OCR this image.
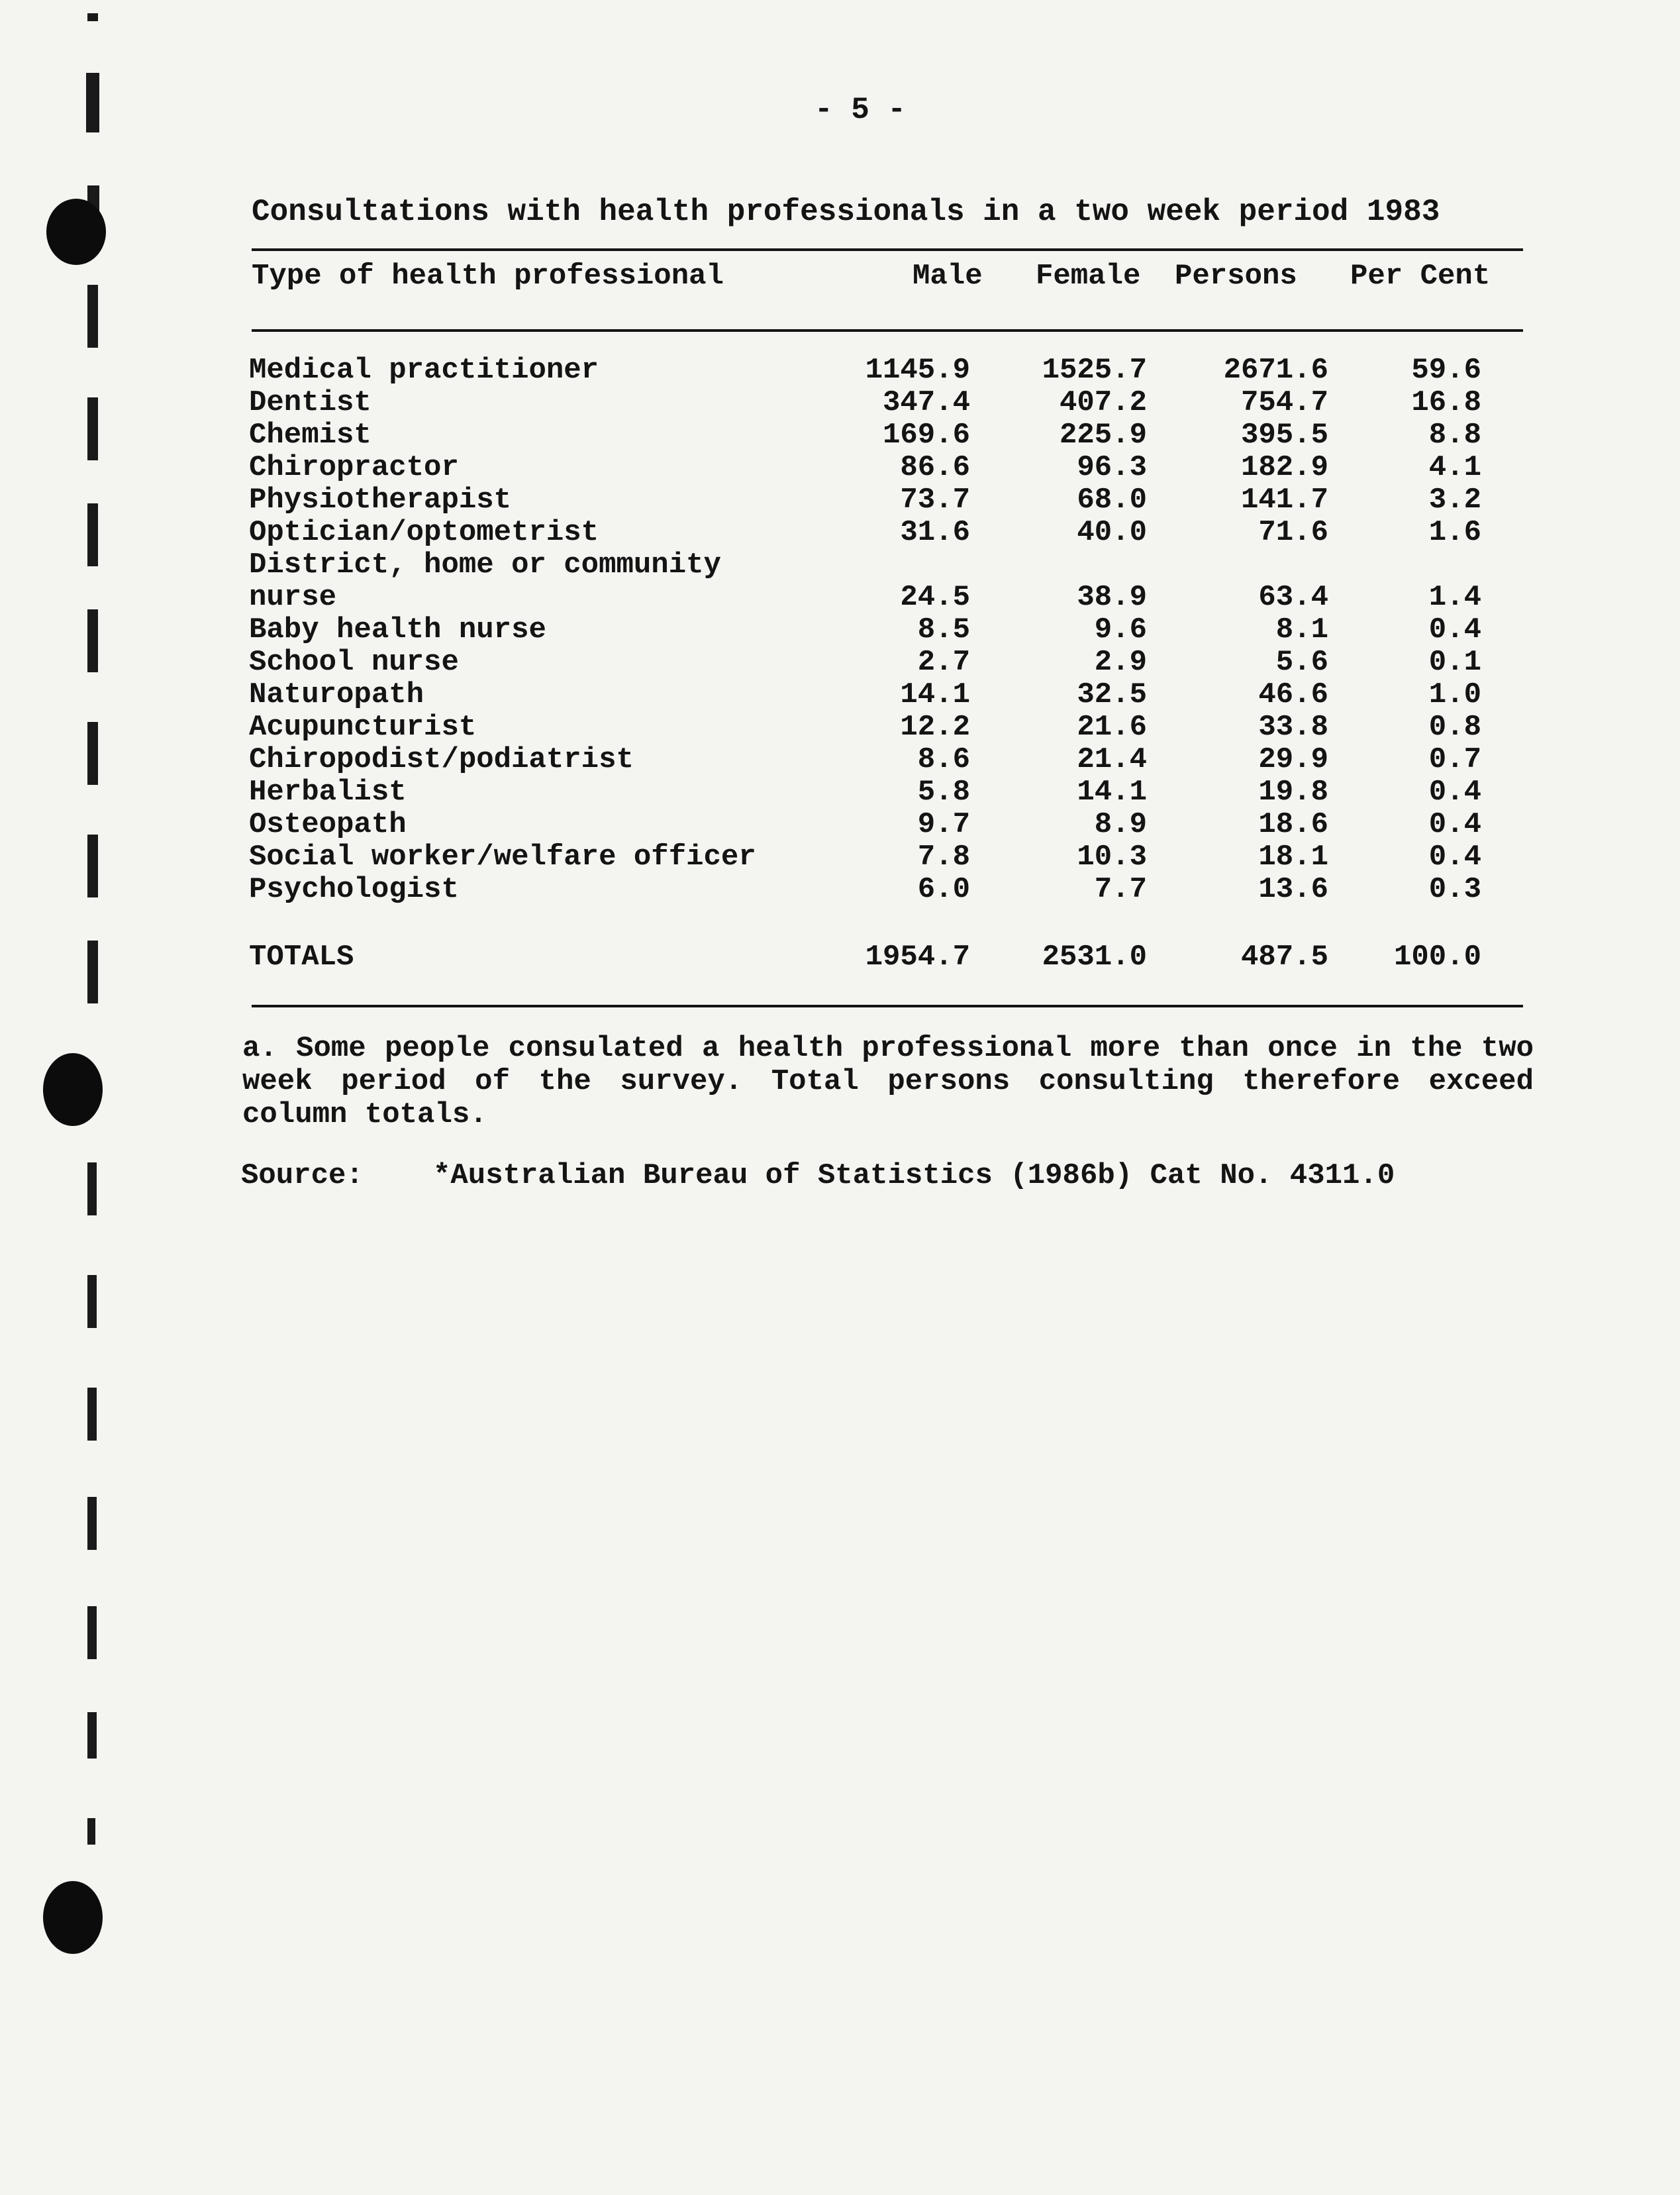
- 5 -
Consultations with health professionals in a two week period 1983
Type of health professional	Male Female Persons Per Cent
Medical practitioner	1145.9 1525.7	2671.6	59.6
Dentist	347.4	407.2	754.7	16.8
Chemist	169.6	225.9	395.5	8.8
Chiropractor	86.6	96.3	182.9	4.1
Physiotherapist	73.7	68.0	141.7	3.2
Optician/optometrist	31.6	40.0	71.6	1.6
District, home or community
nurse	24.5	38.9	63.4	1.4
Baby health nurse	8.5	9.6	8.1	0.4
School nurse	2.7	2.9	5.6	0.1
Naturopath	14.1	32.5	46.6	1.0
Acupuncturist	12.2	21.6	33.8	0.8
Chiropodist/podiatrist	8.6	21.4	29.9	0.7
Herbalist	5.8	14.1	19.8	0.4
Osteopath	9.7	8.9	18.6	0.4
Social worker/welfare officer	7.8	10.3	18.1	0.4
Psychologist	6.0	7.7	13.6	0.3
TOTALS	1954.7 2531.0	487.5 100.0
a. Some people consulated a health professional more than once in the two week period of the survey. Total persons consulting therefore exceed column totals.
Source: *Australian Bureau of Statistics (1986b) Cat No. 4311.0
